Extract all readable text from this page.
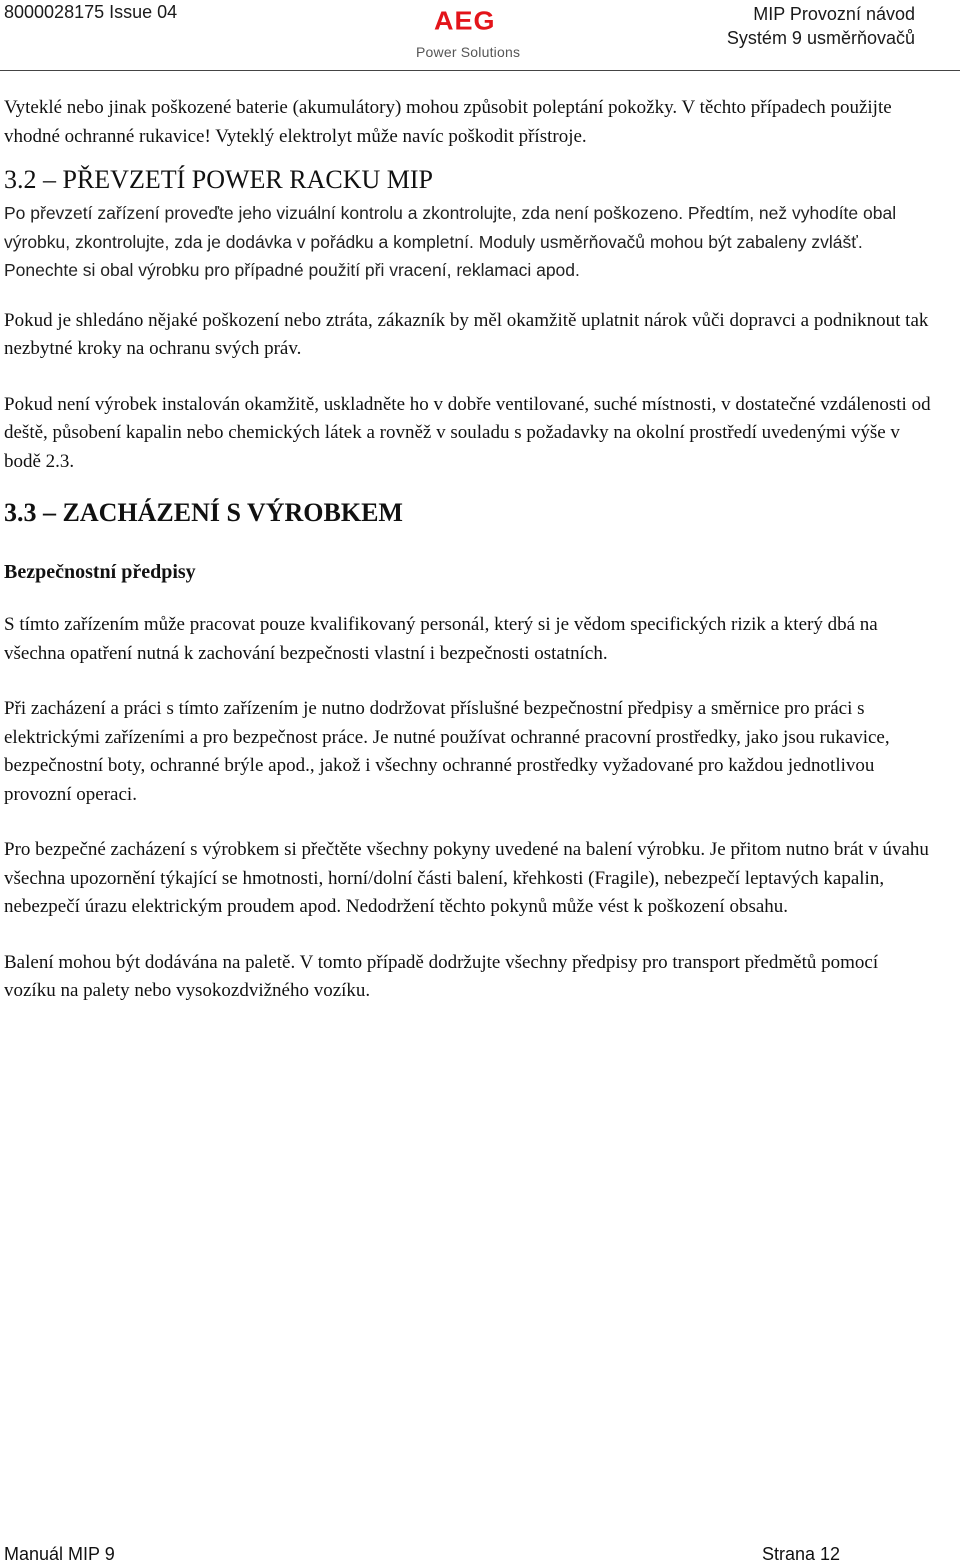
8000028175 Issue 04	AEG
Power Solutions
MIP Provozní návod
Systém 9 usměrňovačů

Vyteklé nebo jinak poškozené baterie (akumulátory) mohou způsobit poleptání pokožky. V těchto případech použijte vhodné ochranné rukavice! Vyteklý elektrolyt může navíc poškodit přístroje.

3.2 – PŘEVZETÍ POWER RACKU MIP

Po převzetí zařízení proveďte jeho vizuální kontrolu a zkontrolujte, zda není poškozeno. Předtím, než vyhodíte obal výrobku, zkontrolujte, zda je dodávka v pořádku a kompletní. Moduly usměrňovačů mohou být zabaleny zvlášť. Ponechte si obal výrobku pro případné použití při vracení, reklamaci apod.

Pokud je shledáno nějaké poškození nebo ztráta, zákazník by měl okamžitě uplatnit nárok vůči dopravci a podniknout tak nezbytné kroky na ochranu svých práv.

Pokud není výrobek instalován okamžitě, uskladněte ho v dobře ventilované, suché místnosti, v dostatečné vzdálenosti od deště, působení kapalin nebo chemických látek a rovněž v souladu s požadavky na okolní prostředí uvedenými výše v bodě 2.3.

3.3 – ZACHÁZENÍ S VÝROBKEM
Bezpečnostní předpisy

S tímto zařízením může pracovat pouze kvalifikovaný personál, který si je vědom specifických rizik a který dbá na všechna opatření nutná k zachování bezpečnosti vlastní i bezpečnosti ostatních.

Při zacházení a práci s tímto zařízením je nutno dodržovat příslušné bezpečnostní předpisy a směrnice pro práci s elektrickými zařízeními a pro bezpečnost práce. Je nutné používat ochranné pracovní prostředky, jako jsou rukavice, bezpečnostní boty, ochranné brýle apod., jakož i všechny ochranné prostředky vyžadované pro každou jednotlivou provozní operaci.

Pro bezpečné zacházení s výrobkem si přečtěte všechny pokyny uvedené na balení výrobku. Je přitom nutno brát v úvahu všechna upozornění týkající se hmotnosti, horní/dolní části balení, křehkosti (Fragile), nebezpečí leptavých kapalin, nebezpečí úrazu elektrickým proudem apod. Nedodržení těchto pokynů může vést k poškození obsahu.

Balení mohou být dodávána na paletě. V tomto případě dodržujte všechny předpisy pro transport předmětů pomocí vozíku na palety nebo vysokozdvižného vozíku.

Manuál MIP 9	Strana 12
